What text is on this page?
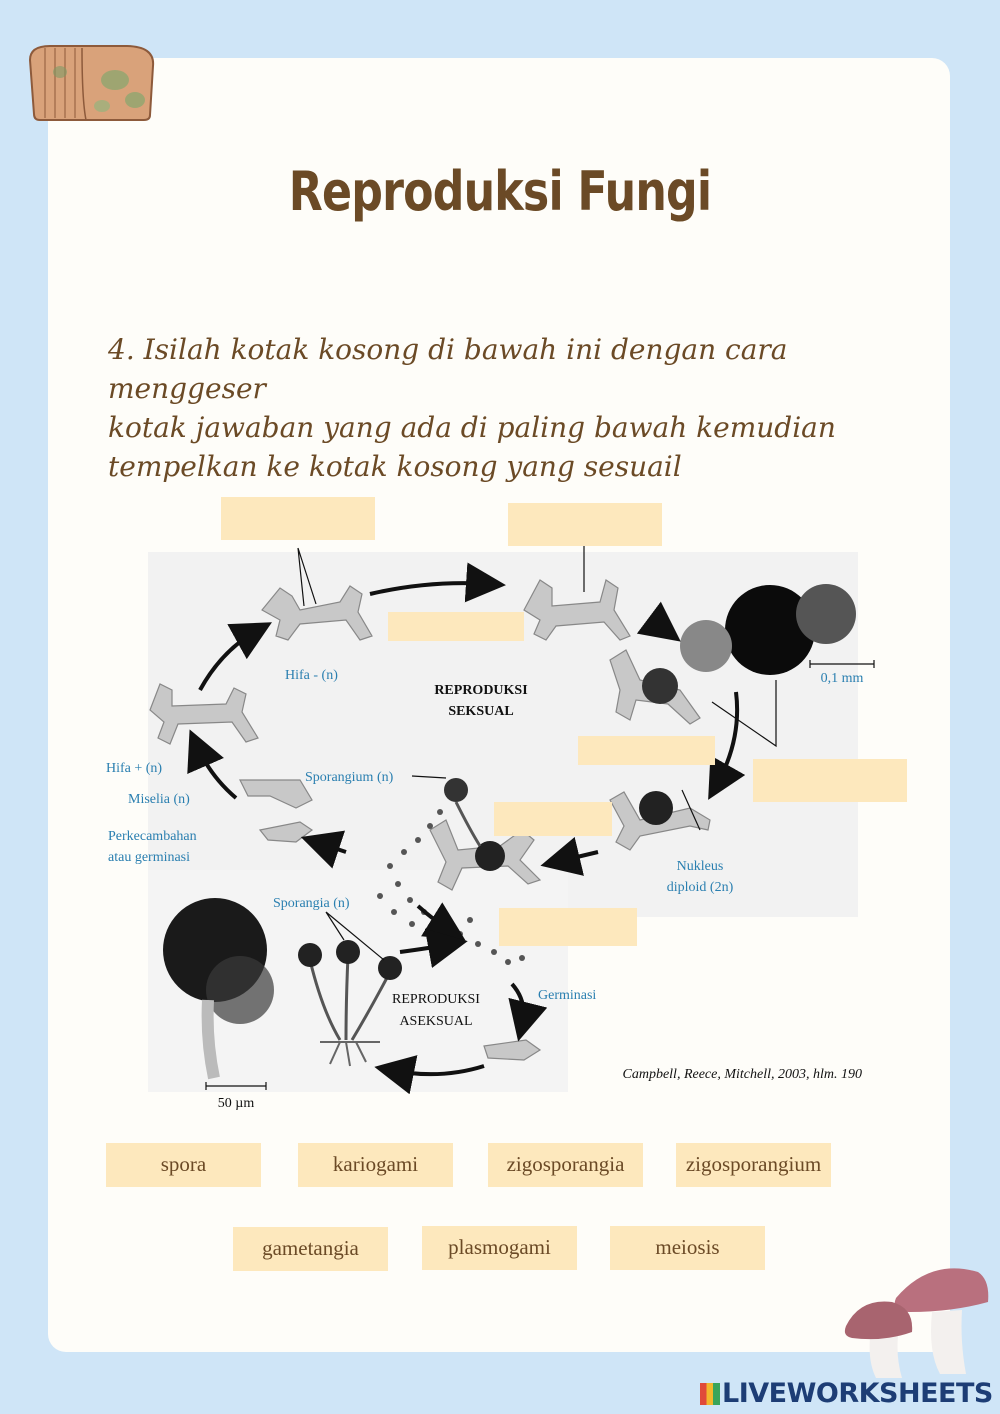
Reproduksi Fungi

4. Isilah kotak kosong di bawah ini dengan cara menggeser
kotak jawaban yang ada di paling bawah kemudian
tempelkan ke kotak kosong yang sesuail

Hifa - (n)
REPRODUKSI
SEKSUAL
0,1 mm
Hifa + (n)
Miselia (n)
Perkecambahan
atau germinasi
Sporangium (n)
Nukleus
diploid (2n)
Sporangia (n)
Germinasi
REPRODUKSI
ASEKSUAL
Campbell, Reece, Mitchell, 2003, hlm. 190
50 µm
spora	kariogami	zigosporangia	zigosporangium
gametangia	plasmogami	meiosis
LIVEWORKSHEETS
